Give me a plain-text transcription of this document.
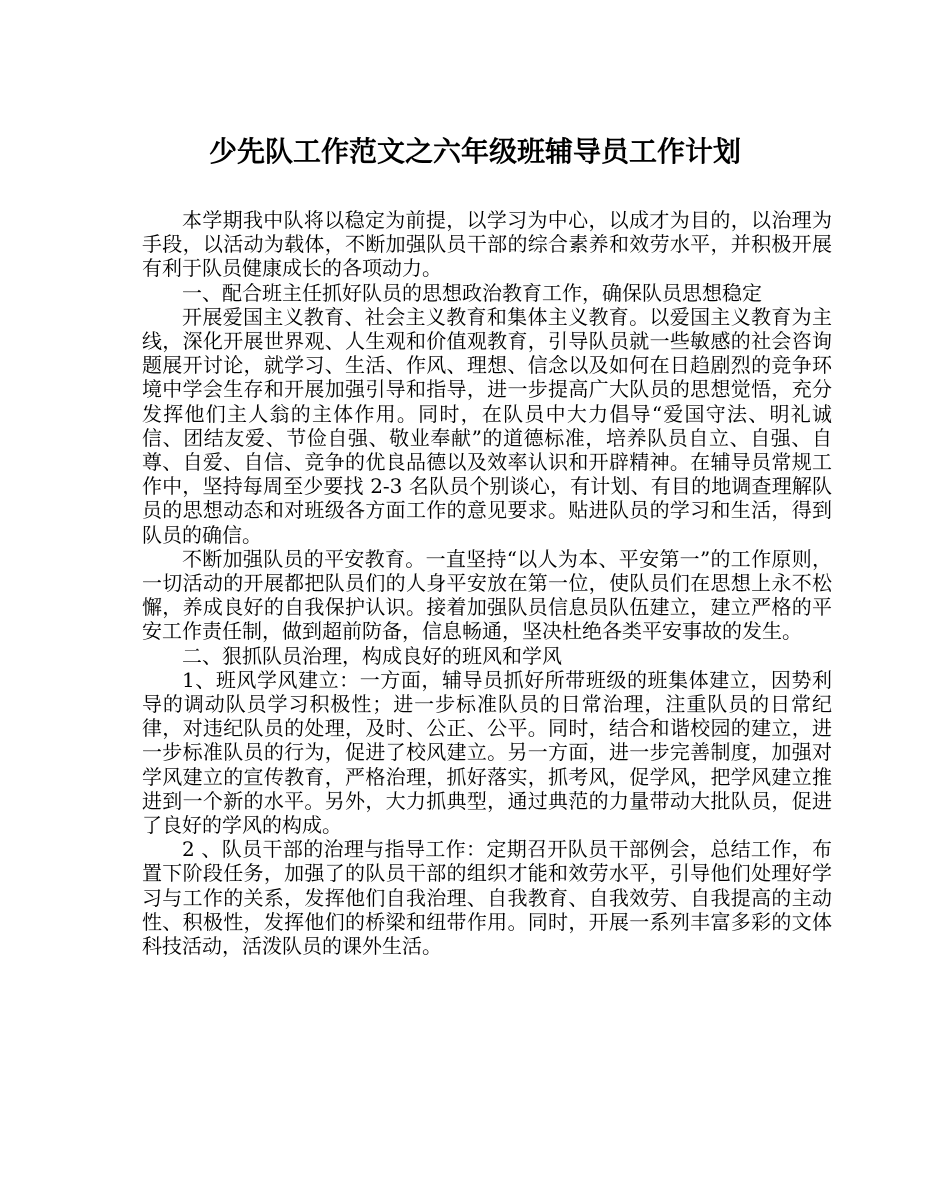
少先队工作范文之六年级班辅导员工作计划

本学期我中队将以稳定为前提，以学习为中心，以成才为目的，以治理为手段，以活动为载体，不断加强队员干部的综合素养和效劳水平，并积极开展有利于队员健康成长的各项动力。

一、配合班主任抓好队员的思想政治教育工作，确保队员思想稳定

开展爱国主义教育、社会主义教育和集体主义教育。以爱国主义教育为主线，深化开展世界观、人生观和价值观教育，引导队员就一些敏感的社会咨询题展开讨论，就学习、生活、作风、理想、信念以及如何在日趋剧烈的竞争环境中学会生存和开展加强引导和指导，进一步提高广大队员的思想觉悟，充分发挥他们主人翁的主体作用。同时，在队员中大力倡导“爱国守法、明礼诚信、团结友爱、节俭自强、敬业奉献”的道德标准，培养队员自立、自强、自尊、自爱、自信、竞争的优良品德以及效率认识和开辟精神。在辅导员常规工作中，坚持每周至少要找 2-3 名队员个别谈心，有计划、有目的地调查理解队员的思想动态和对班级各方面工作的意见要求。贴进队员的学习和生活，得到队员的确信。

不断加强队员的平安教育。一直坚持“以人为本、平安第一”的工作原则，一切活动的开展都把队员们的人身平安放在第一位，使队员们在思想上永不松懈，养成良好的自我保护认识。接着加强队员信息员队伍建立，建立严格的平安工作责任制，做到超前防备，信息畅通，坚决杜绝各类平安事故的发生。

二、狠抓队员治理，构成良好的班风和学风

1、班风学风建立：一方面，辅导员抓好所带班级的班集体建立，因势利导的调动队员学习积极性；进一步标准队员的日常治理，注重队员的日常纪律，对违纪队员的处理，及时、公正、公平。同时，结合和谐校园的建立，进一步标准队员的行为，促进了校风建立。另一方面，进一步完善制度，加强对学风建立的宣传教育，严格治理，抓好落实，抓考风，促学风，把学风建立推进到一个新的水平。另外，大力抓典型，通过典范的力量带动大批队员，促进了良好的学风的构成。

2 、队员干部的治理与指导工作：定期召开队员干部例会，总结工作，布置下阶段任务，加强了的队员干部的组织才能和效劳水平，引导他们处理好学习与工作的关系，发挥他们自我治理、自我教育、自我效劳、自我提高的主动性、积极性，发挥他们的桥梁和纽带作用。同时，开展一系列丰富多彩的文体科技活动，活泼队员的课外生活。
